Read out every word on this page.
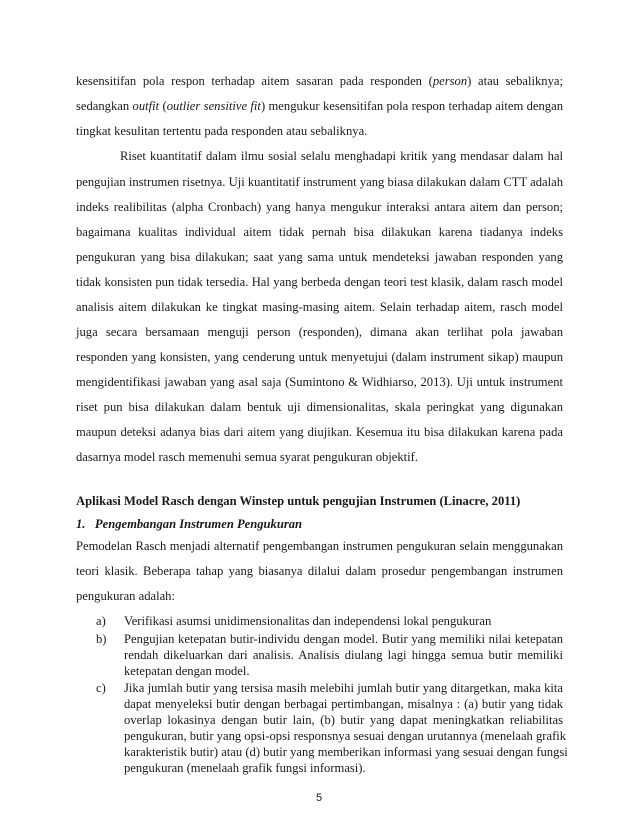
kesensitifan pola respon terhadap aitem sasaran pada responden (person) atau sebaliknya;
sedangkan outfit (outlier sensitive fit) mengukur kesensitifan pola respon terhadap aitem dengan
tingkat kesulitan tertentu pada responden atau sebaliknya.
Riset kuantitatif dalam ilmu sosial selalu menghadapi kritik yang mendasar dalam hal
pengujian instrumen risetnya. Uji kuantitatif instrument yang biasa dilakukan dalam CTT adalah
indeks realibilitas (alpha Cronbach) yang hanya mengukur interaksi antara aitem dan person;
bagaimana kualitas individual aitem tidak pernah bisa dilakukan karena tiadanya indeks
pengukuran yang bisa dilakukan; saat yang sama untuk mendeteksi jawaban responden yang
tidak konsisten pun tidak tersedia. Hal yang berbeda dengan teori test klasik, dalam rasch model
analisis aitem dilakukan ke tingkat masing-masing aitem. Selain terhadap aitem, rasch model
juga secara bersamaan menguji person (responden), dimana akan terlihat pola jawaban
responden yang konsisten, yang cenderung untuk menyetujui (dalam instrument sikap) maupun
mengidentifikasi jawaban yang asal saja (Sumintono & Widhiarso, 2013). Uji untuk instrument
riset pun bisa dilakukan dalam bentuk uji dimensionalitas, skala peringkat yang digunakan
maupun deteksi adanya bias dari aitem yang diujikan. Kesemua itu bisa dilakukan karena pada
dasarnya model rasch memenuhi semua syarat pengukuran objektif.
Aplikasi Model Rasch dengan Winstep untuk pengujian Instrumen (Linacre, 2011)
1. Pengembangan Instrumen Pengukuran
Pemodelan Rasch menjadi alternatif pengembangan instrumen pengukuran selain menggunakan
teori klasik. Beberapa tahap yang biasanya dilalui dalam prosedur pengembangan instrumen
pengukuran adalah:
a) Verifikasi asumsi unidimensionalitas dan independensi lokal pengukuran
b) Pengujian ketepatan butir-individu dengan model. Butir yang memiliki nilai ketepatan
rendah dikeluarkan dari analisis. Analisis diulang lagi hingga semua butir memiliki
ketepatan dengan model.
c) Jika jumlah butir yang tersisa masih melebihi jumlah butir yang ditargetkan, maka kita
dapat menyeleksi butir dengan berbagai pertimbangan, misalnya : (a) butir yang tidak
overlap lokasinya dengan butir lain, (b) butir yang dapat meningkatkan reliabilitas
pengukuran, butir yang opsi-opsi responsnya sesuai dengan urutannya (menelaah grafik
karakteristik butir) atau (d) butir yang memberikan informasi yang sesuai dengan fungsi
pengukuran (menelaah grafik fungsi informasi).
5
